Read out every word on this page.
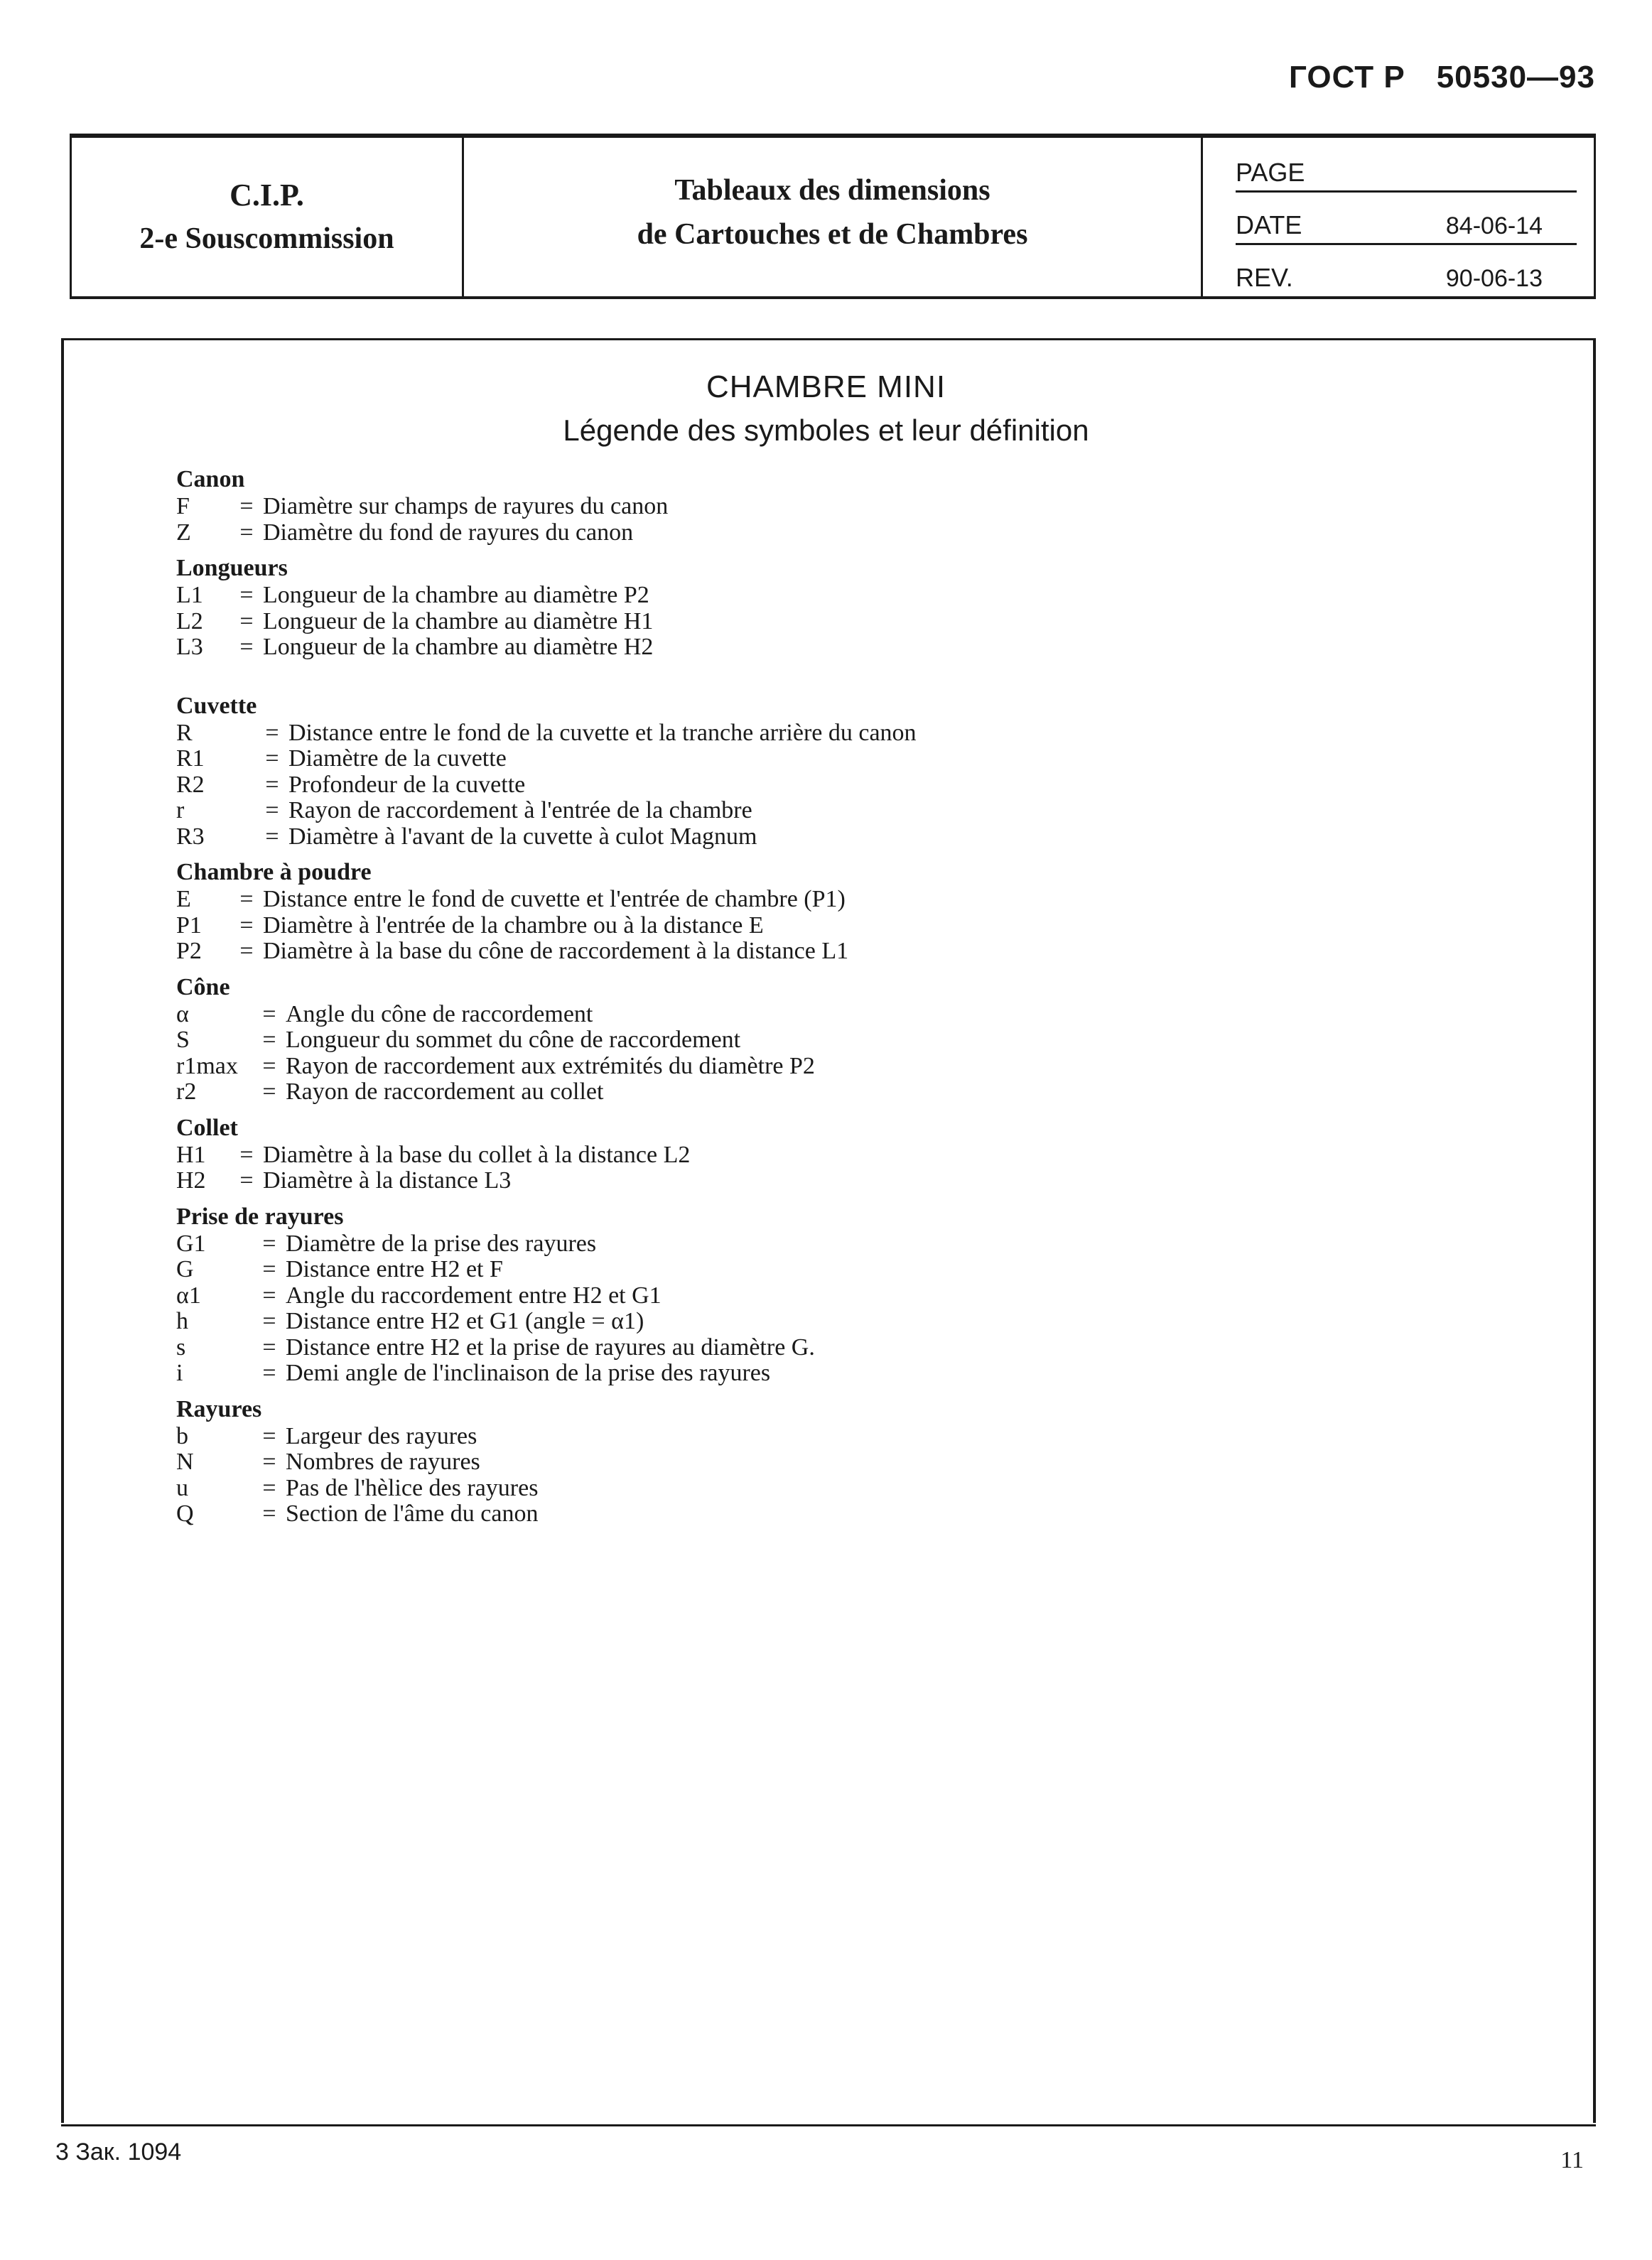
ГОСТ Р 50530—93
C.I.P.
2-e Souscommission
Tableaux des dimensions
de Cartouches et de Chambres
PAGE
DATE	84-06-14
REV.	90-06-13
CHAMBRE MINI
Légende des symboles et leur définition
Canon
F = Diamètre sur champs de rayures du canon
Z = Diamètre du fond de rayures du canon
Longueurs
L1 = Longueur de la chambre au diamètre P2
L2 = Longueur de la chambre au diamètre H1
L3 = Longueur de la chambre au diamètre H2
Cuvette
R	= Distance entre le fond de la cuvette et la tranche arrière du canon
R1	= Diamètre de la cuvette
R2	= Profondeur de la cuvette
r	= Rayon de raccordement à l'entrée de la chambre
R3	= Diamètre à l'avant de la cuvette à culot Magnum
Chambre à poudre
E = Distance entre le fond de cuvette et l'entrée de chambre (P1)
P1 = Diamètre à l'entrée de la chambre ou à la distance E
P2 = Diamètre à la base du cône de raccordement à la distance L1
Cône
α	= Angle du cône de raccordement
S	= Longueur du sommet du cône de raccordement
r1max = Rayon de raccordement aux extrémités du diamètre P2
r2	= Rayon de raccordement au collet
Collet
H1 = Diamètre à la base du collet à la distance L2
H2 = Diamètre à la distance L3
Prise de rayures
G1 = Diamètre de la prise des rayures
G	= Distance entre H2 et F
α1	= Angle du raccordement entre H2 et G1
h	= Distance entre H2 et G1 (angle = α1)
s	= Distance entre H2 et la prise de rayures au diamètre G.
i	= Demi angle de l'inclinaison de la prise des rayures
Rayures
b	= Largeur des rayures
N	= Nombres de rayures
u	= Pas de l'hèlice des rayures
Q	= Section de l'âme du canon
3 Зак. 1094	11
